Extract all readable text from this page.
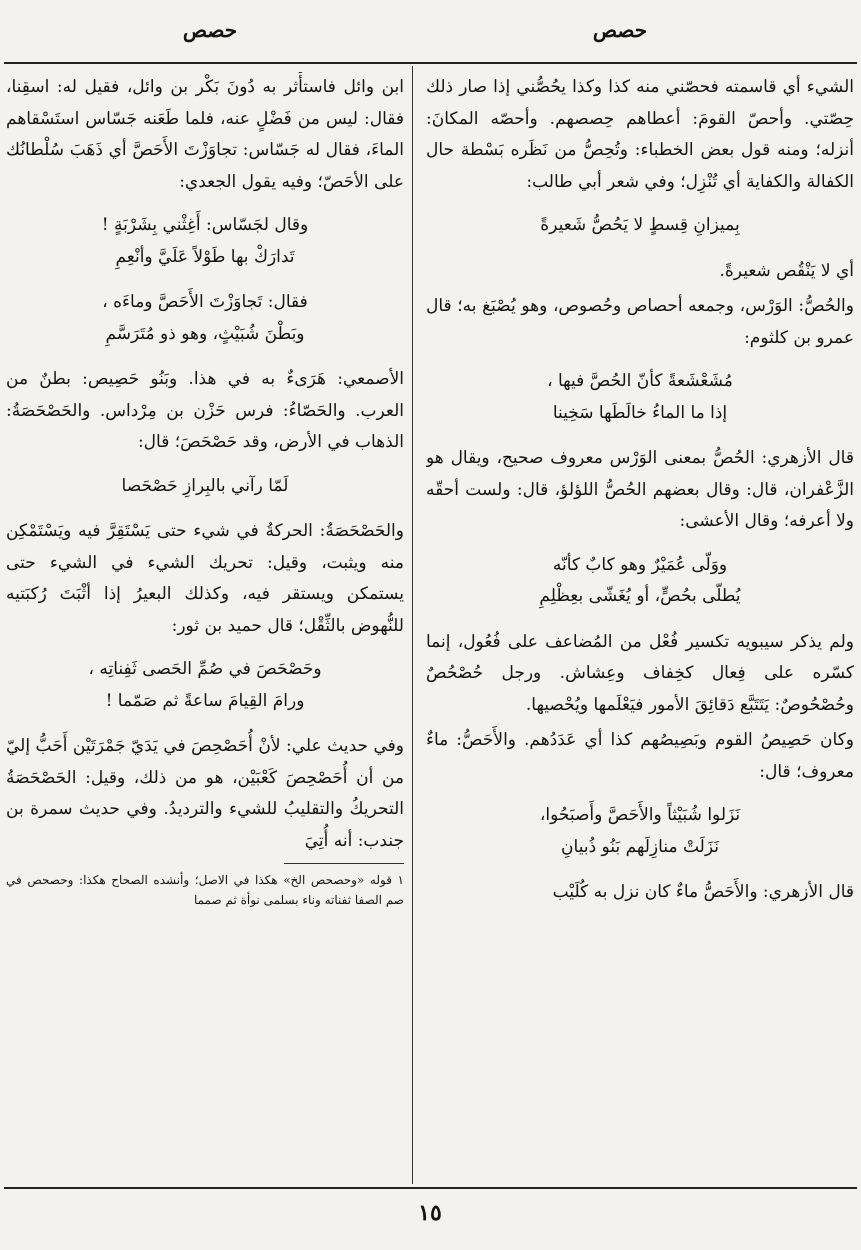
حصص
حصص

الشيء أي قاسمته فحصّني منه كذا وكذا يحُصُّني إذا صار ذلك حِصّتي. وأحصّ القومَ: أعطاهم حِصصهم. وأحصّه المكانَ: أنزله؛ ومنه قول بعض الخطباء: وتُحِصُّ من نَظَره بَسْطة حال الكفالة والكفاية أي تُنْزِل؛ وفي شعر أبي طالب:

بِميزانِ قِسطٍ لا يَحُصُّ شَعيرةً

أي لا يَنْقُص شعيرةً.

والحُصُّ: الوَرْس، وجمعه أحصاص وحُصوص، وهو يُصْبَغ به؛ قال عمرو بن كلثوم:

مُشَعْشَعةً كأنّ الحُصَّ فيها ،
إذا ما الماءُ خالَطَها سَخِينا

قال الأزهري: الحُصُّ بمعنى الوَرْس معروف صحيح، ويقال هو الزَّعْفران، قال: وقال بعضهم الحُصُّ اللؤلؤ، قال: ولست أحقّه ولا أعرفه؛ وقال الأعشى:

ووَلّى عُمَيْرٌ وهو كابٌ كأنّه
يُطلّى بحُصٍّ، أو يُغَشّى بعِظْلِمِ

ولم يذكر سيبويه تكسير فُعْل من المُضاعف على فُعُول، إنما كسّره على فِعال كخِفاف وعِشاش. ورجل حُصْحُصٌ وحُصْحُوصٌ: يَتَتَبَّع دَقائِقَ الأمور فيَعْلَمها ويُحْصيها.

وكان حَصِيصُ القوم وبَصِيصُهم كذا أي عَدَدُهم. والأَحَصُّ: ماءٌ معروف؛ قال:

نَزَلوا شُبَيْثاً والأَحَصَّ وأَصبَحُوا،
نَزَلَتْ منازِلَهم بَنُو ذُبيانِ

قال الأزهري: والأَحَصُّ ماءٌ كان نزل به كُلَيْب

ابن وائل فاستأْثر به دُونَ بَكْر بن وائل، فقيل له: اسقِنا، فقال: ليس من فَضْلٍ عنه، فلما طَعَنه جَسّاس استَسْقاهم الماءَ، فقال له جَسّاس: تجاوَزْتَ الأَحَصَّ أي ذَهَبَ سُلْطانُك على الأحَصّ؛ وفيه يقول الجعدي:

وقال لجَسّاس: أَغِثْني بِشَرْبَةٍ !
تَدارَكْ بها طَوْلاً عَلَيَّ وأنْعِمِ
فقال: تَجاوَزْتَ الأَحَصَّ وماءَه ،
وبَطْنَ شُبَيْثٍ، وهو ذو مُتَرَسَّمِ

الأصمعي: هَرَىءٌ به في هذا. وبَنُو حَصِيص: بطنٌ من العرب. والحَصّاءُ: فرس حَزْن بن مِرْداس. والحَصْحَصَةُ: الذهاب في الأرض، وقد حَصْحَصَ؛ قال:

لَمّا رآني بالبِرازِ حَصْحَصا

والحَصْحَصَةُ: الحركةُ في شيء حتى يَسْتَقِرَّ فيه ويَسْتَمْكِن منه ويثبت، وقيل: تحريك الشيء في الشيء حتى يستمكن ويستقر فيه، وكذلك البعيرُ إذا أثْبَتَ رُكبَتيه للنُّهوض بالثِّقْل؛ قال حميد بن ثور:

وحَصْحَصَ في صُمِّ الحَصى ثَفِناتِه ،
ورامَ القِيامَ ساعةً ثم صَمّما !

وفي حديث علي: لأنْ أُحَصْحِصَ في يَدَيّ جَمْرَتَيْن أَحَبُّ إليّ من أن أُحَصْحِصَ كَعْبَيْن، هو من ذلك، وقيل: الحَصْحَصَةُ التحريكُ والتقليبُ للشيء والترديدُ. وفي حديث سمرة بن جندب: أنه أُتِيَ

١ قوله «وحصحص الخ» هكذا في الاصل؛ وأنشده الصحاح هكذا: وحصحص في صم الصفا ثفناته وناء بسلمى نوأة ثم صمما

١٥
